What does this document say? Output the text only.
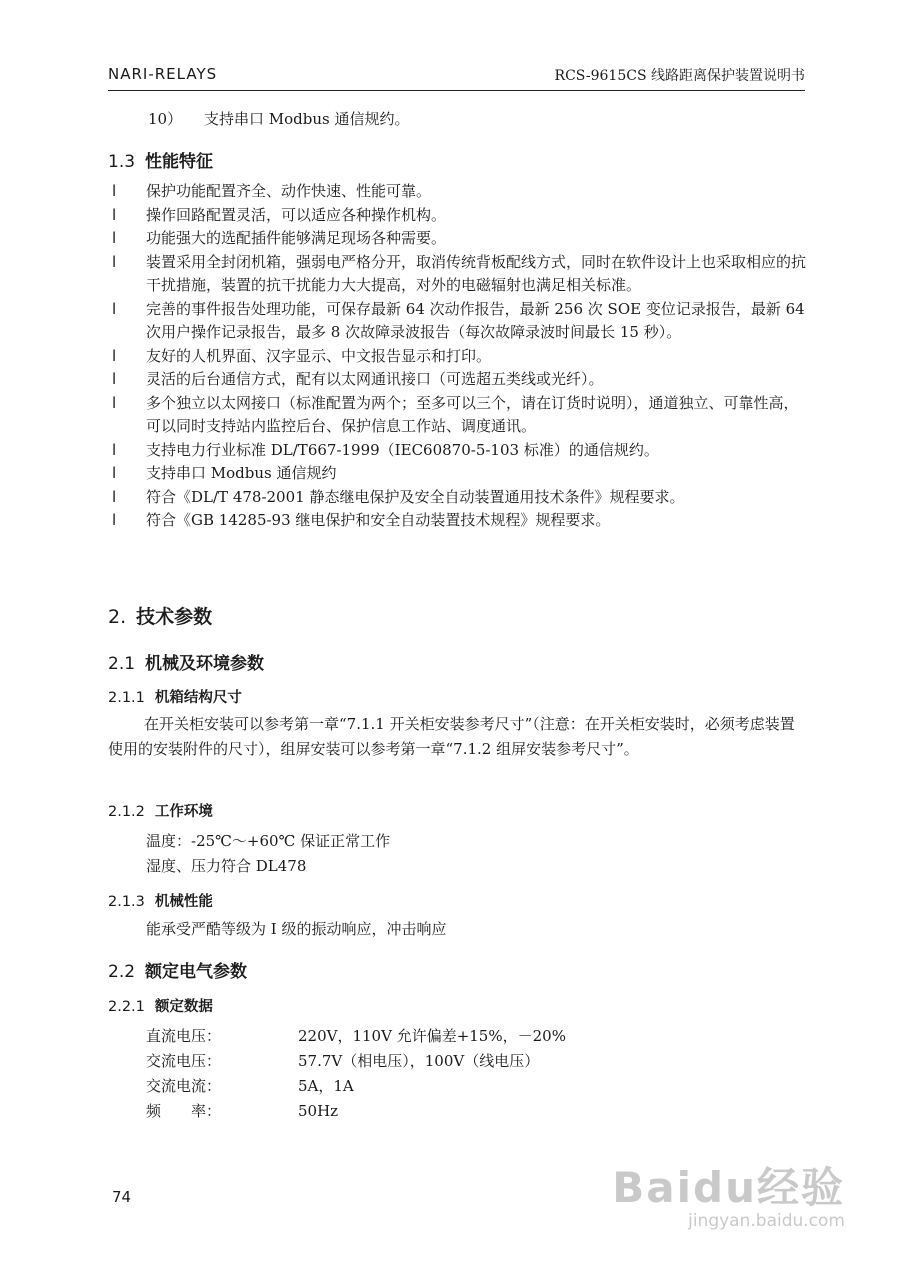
NARI-RELAYS	RCS-9615CS 线路距离保护装置说明书
10） 支持串口 Modbus 通信规约。
1.3 性能特征
l 保护功能配置齐全、动作快速、性能可靠。
l 操作回路配置灵活，可以适应各种操作机构。
l 功能强大的选配插件能够满足现场各种需要。
l 装置采用全封闭机箱，强弱电严格分开，取消传统背板配线方式，同时在软件设计上也采取相应的抗干扰措施，装置的抗干扰能力大大提高，对外的电磁辐射也满足相关标准。
l 完善的事件报告处理功能，可保存最新 64 次动作报告，最新 256 次 SOE 变位记录报告，最新 64 次用户操作记录报告，最多 8 次故障录波报告（每次故障录波时间最长 15 秒）。
l 友好的人机界面、汉字显示、中文报告显示和打印。
l 灵活的后台通信方式，配有以太网通讯接口（可选超五类线或光纤）。
l 多个独立以太网接口（标准配置为两个；至多可以三个，请在订货时说明），通道独立、可靠性高，可以同时支持站内监控后台、保护信息工作站、调度通讯。
l 支持电力行业标准 DL/T667-1999（IEC60870-5-103 标准）的通信规约。
l 支持串口 Modbus 通信规约
l 符合《DL/T 478-2001 静态继电保护及安全自动装置通用技术条件》规程要求。
l 符合《GB 14285-93 继电保护和安全自动装置技术规程》规程要求。
2. 技术参数
2.1 机械及环境参数
2.1.1 机箱结构尺寸
在开关柜安装可以参考第一章“7.1.1 开关柜安装参考尺寸”（注意：在开关柜安装时，必须考虑装置使用的安装附件的尺寸），组屏安装可以参考第一章“7.1.2 组屏安装参考尺寸”。
2.1.2 工作环境
温度：-25℃～+60℃ 保证正常工作
湿度、压力符合 DL478
2.1.3 机械性能
能承受严酷等级为 I 级的振动响应，冲击响应
2.2 额定电气参数
2.2.1 额定数据
直流电压：	220V，110V 允许偏差+15%，－20%
交流电压：	57.7V（相电压），100V（线电压）
交流电流：	5A，1A
频　　率：	50Hz
74	Baidu经验
jingyan.baidu.com
